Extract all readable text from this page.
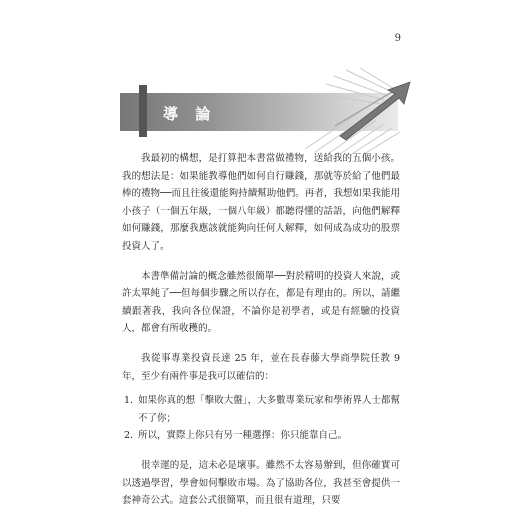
9
導 論

我最初的構想，是打算把本書當做禮物，送給我的五個小孩。我的想法是：如果能教導他們如何自行賺錢，那就等於給了他們最棒的禮物──而且往後還能夠持續幫助他們。再者，我想如果我能用小孩子（一個五年級，一個八年級）都聽得懂的話語，向他們解釋如何賺錢，那麼我應該就能夠向任何人解釋，如何成為成功的股票投資人了。

本書準備討論的概念雖然很簡單──對於精明的投資人來說，或許太單純了──但每個步驟之所以存在，都是有理由的。所以，請繼續跟著我，我向各位保證，不論你是初學者，或是有經驗的投資人，都會有所收穫的。

我從事專業投資長達 25 年，並在長春藤大學商學院任教 9 年，至少有兩件事是我可以確信的：

1. 如果你真的想「擊敗大盤」，大多數專業玩家和學術界人士都幫不了你；
2. 所以，實際上你只有另一種選擇：你只能靠自己。

很幸運的是，這未必是壞事。雖然不太容易辦到，但你確實可以透過學習，學會如何擊敗市場。為了協助各位，我甚至會提供一套神奇公式。這套公式很簡單，而且很有道理，只要
